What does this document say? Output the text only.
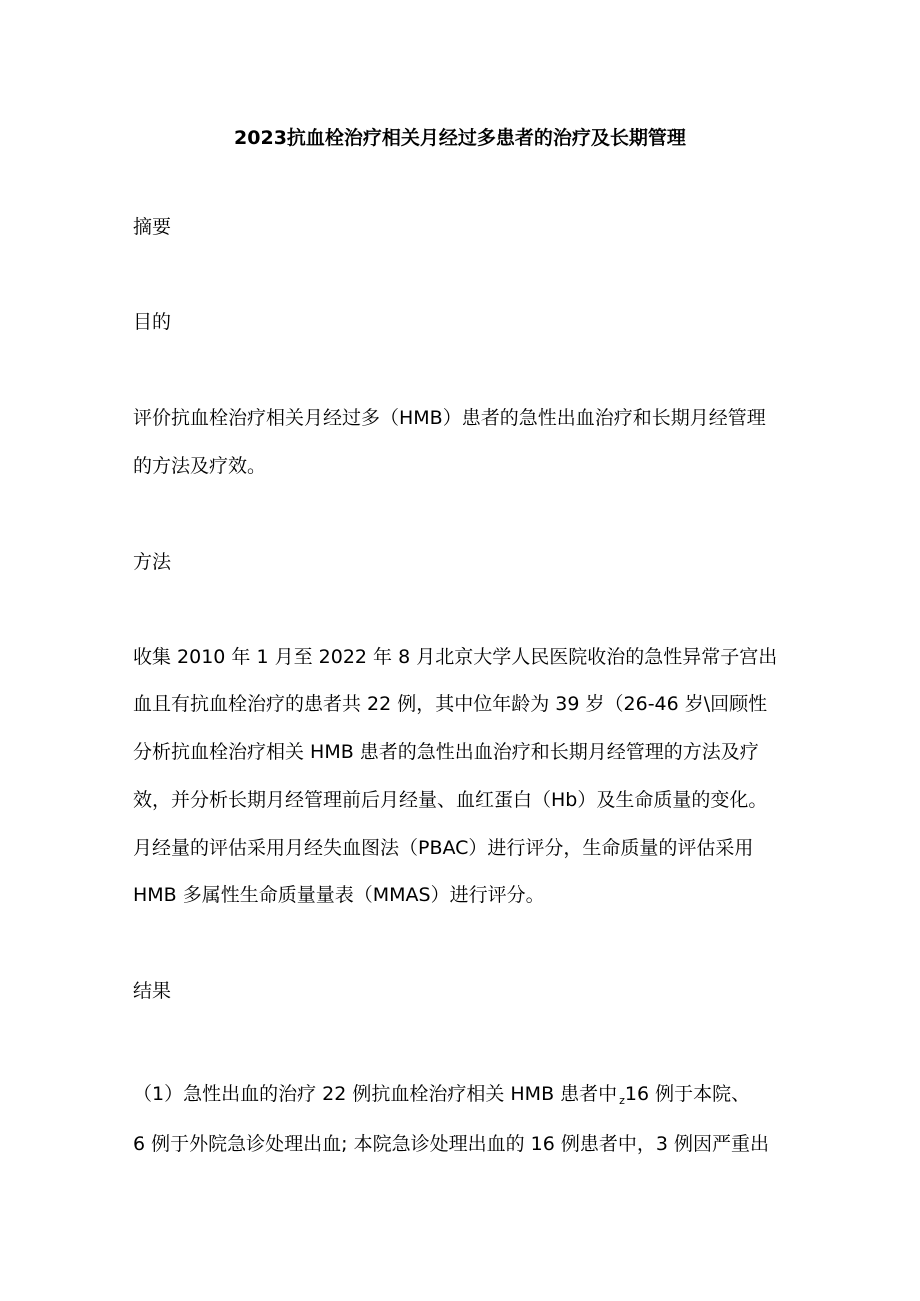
2023抗血栓治疗相关月经过多患者的治疗及长期管理
摘要
目的
评价抗血栓治疗相关月经过多（HMB）患者的急性出血治疗和长期月经管理
的方法及疗效。
方法
收集 2010 年 1 月至 2022 年 8 月北京大学人民医院收治的急性异常子宫出
血且有抗血栓治疗的患者共 22 例，其中位年龄为 39 岁（26-46 岁\回顾性
分析抗血栓治疗相关 HMB 患者的急性出血治疗和长期月经管理的方法及疗
效，并分析长期月经管理前后月经量、血红蛋白（Hb）及生命质量的变化。
月经量的评估采用月经失血图法（PBAC）进行评分，生命质量的评估采用
HMB 多属性生命质量量表（MMAS）进行评分。
结果
（1）急性出血的治疗 22 例抗血栓治疗相关 HMB 患者中 $_z$16 例于本院、
6 例于外院急诊处理出血; 本院急诊处理出血的 16 例患者中，3 例因严重出
